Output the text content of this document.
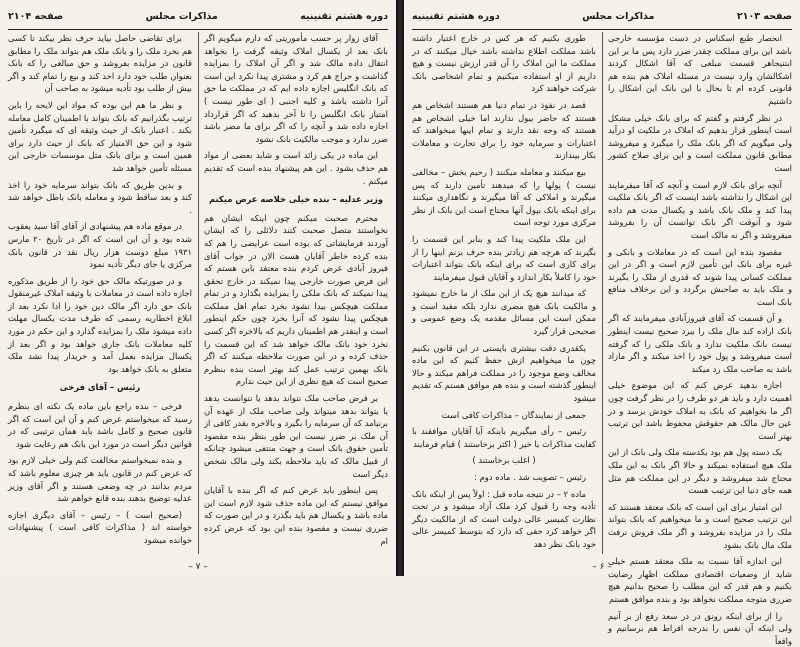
دوره هشتم تقنینیه
مذاکرات مجلس
صفحه ۲۱۰۴

برای تقاضی حاصل بیاید حرف نظر بیکند تا کسی هم بخرد ملک را و بانک ملک هم بتواند ملک را مطابق قانون در مزایده بفروشد و حق مبالغی را که بانک بعنوان طلب خود دارد اخذ کند و بیع را تمام کند و اگر بیش از طلب بود تأدیه میشود به صاحب آن

و نظر ما هم این بوده که مواد این لایحه را باین ترتیب بگذرانیم که بانک بتواند با اطمینان کامل معامله بکند . اعتبار بانک از حیث وثیقه ای که میگیرد تأمین شود و این حق الامتیاز که بانک از حیث دارد برای همین است و برای بانک مثل موسسات خارجی این مسئله تأمین خواهد شد

و بدین طریق که بانک بتواند سرمایه خود را اخذ کند و بعد ساقط شود و معامله بانک باطل خواهد شد .

در موقع ماده هم پیشنهادی از آقای آقا سید یعقوب شده بود و آن این است که اگر در تاریخ ۲۰ مارس ۱۹۳۱ مبلغ دوست هزار ریال نقد در قانون بانک مرکزی یا جای دیگر تأدیه نمود

و در صورتیکه مالک حق خود را از طریق مذکوره اجازه داده است در معاملات با وثیقه املاک غیرمنقول بانک حق دارد اگر مالک دین خود را ادا نکرد بعد از ابلاغ اخطاریه رسمی که طرف مدت یکسال مهلت داده میشود ملک را بمزایده گذارد و این حکم در مورد کلیه معاملات بانک جاری خواهد بود و اگر بعد از یکسال مزایده بعمل آمد و خریدار پیدا نشد ملک متعلق به بانک خواهد بود

رئیس – آقای فرخی

فرخی – بنده راجع باین ماده یک نکته ای بنظرم رسید که میخواستم عرض کنم و آن این است که اگر قانون صحیح و کامل باشد باید همان ترتیبی که در قوانین دیگر است در مورد این بانک هم رعایت شود

و بنده نمیخواستم مخالفت کنم ولی خیلی لازم بود که عرض کنم در قانون باید هر چیزی معلوم باشد که مردم بدانند در چه وضعی هستند و اگر آقای وزیر عدلیه توضیح بدهند بنده قانع خواهم شد

(صحیح است ) – رئیس – آقای دیگری اجازه خواسته اند ( مذاکرات کافی است ) پیشنهادات خوانده میشود

آقای زوار پر حسب مأموریتی که دارم میگویم اگر بانک بعد از یکسال املاک وثیقه گرفت را بخواهد انتقال داده مالک شد و اگر آن املاک را بمزایده گذاشت و حراج هم کرد و مشتری پیدا نکرد این است که بانک انگلیس اجازه داده ایم که در مملکت ما حق آنرا داشته باشد و کلیه اجنبی ( ای طور نیست ) امتیاز بانک انگلیس را تا آخر بدهید که اگر قرارداد اجازه داده شد و آنچه را که اگر برای ما مضر باشد ضرر ندارد و موجب مالکیت بانک نشود

این ماده در یکی زائد است و شاید بعضی از مواد هم حذف بشود . این هم پیشنهاد بنده است که تقدیم میکنم .

وزیر عدلیه – بنده خیلی خلاصه عرض میکنم

محترم صحبت میکنم چون اینکه ایشان هم نخواستند متصل صحبت کنند دلائلی را که ایشان آوردند فرمایشاتی که بوده است عرایضی را هم که بنده کرده خاطر آقایان هست الان در جواب آقای فیروز آبادی عرض کردم بنده معتقد باین هستم که این فرض صورت خارجی پیدا نمیکند در خارج تحقق پیدا نمیکند که بانک ملکی را بمزایده بگذارد و در تمام مملکت هیچکس بیدا نشود بخرد تمام اهل مملکت هیچکس پیدا نشود که آنرا بخرد چون حکم اینطور است و اینقدر هم اطمینان داریم که بالاخره اگر کسی نخرد خود بانک مالک خواهد شد که این قسمت را حذف کرده و در این صورت ملاحظه میکنند که اگر بانک بهمین ترتیب عمل کند بهتر است بنده بنظرم صحیح است که هیچ نظری از این حیث ندارم

بر فرض صاحب ملک نتواند بدهد یا نتوانست بدهد یا بتواند بدهد میتواند ولی صاحب ملک از عهده آن برنیامد که آن سرمایه را بگیرد و بالاخره بقدر کافی از آن ملک بر ضرر نیست این طور بنظر بنده مقصود تأمین حقوق بانک است و جهت منتفی میشود چنانکه از قبیل مالک که باید ملاحظه بکند ولی مالک شخص دیگر است

پس اینطور باید عرض کنم که اگر بنده با آقایان موافق نیستم که این ماده حذف شود لازم است این ماده باشد و یکسال هم باید بگذرد و در این صورت که ضرری نیست و مقصود بنده این بود که عرض کرده ام

– ۷ –
صفحه ۲۱۰۳
مذاکرات مجلس
دوره هشتم تقنینیه

طوری بکنیم که هر کس در خارج اعتبار داشته باشد مملکت اطلاع نداشته باشد خیال میکنند که در مملکت ما این املاک را آن قدر ارزش نیست و هیچ داریم از او استفاده میکنیم و تمام اشخاصی بانک شرکت خواهند کرد

قصد در نفوذ در تمام دنیا هم هستند اشخاص هم هستند که حاضر بیول ندارند اما خیلی اشخاص هم هستند که وجه نقد دارند و تمام اینها میخواهند که اعتبارات و سرمایه خود را برای تجارت و معاملات بکار بیندازند

بیع میکنند و معامله میکنند ( رحیم بخش – مخالفی نیست ) پولها را که میدهند تأمین دارند که پس میگیرند و املاکی که آقا میگیرند و نگاهداری میکنند برای اینکه بانک بپول آنها محتاج است این بانک از نظر مرکزی مورد توجه است

این ملک ملکیت پیدا کند و بنابر این قسمت را بگیرند که هرچه هم زیادتر بنده حرف بزنم اینها را از برای کاری است که برای اینکه بانک بتواند اعتبارات خود را کاملاً بکار اندازد و آقایان قبول میفرمایند

که میدانند هیچ یک از این ملک از ما خارج نمیشود و مالکیت بانک هیچ مضری ندارد بلکه مفید است و ممکن است این مسائل مقدمه یک وضع عمومی و صحیحی قرار گیرد

یکقدری دقت بیشتری بایستی در این قانون بکنیم چون ما میخواهیم ازش حفظ کنیم که این ماده مخالف وضع موجود را در مملکت فراهم میکند و حالا اینطور گذشته است و بنده هم موافق هستم که تقدیم میشود

جمعی از نمایندگان – مذاکرات کافی است

رئیس – رأی میگیریم باینکه آیا آقایان موافقند با کفایت مذاکرات یا خیر ( اکثر برخاستند ) قیام فرمایند

( اغلب برخاستند )

رئیس – تصویب شد . ماده دوم :

ماده ۲ – در نتیجه ماده قبل : اولاً پس از اینکه بانک تأدیه وجه را قبول کرد ملک آزاد میشود و در تحت نظارت کمیسر عالی دولت است که از مالکیت دیگر اگر خواهد کرد حقی که دارد که بتوسط کمیسر عالی خود بانک نظر دهد

انحصار طبع اسکناس در دست مؤسسه خارجی باشد این برای مملکت چقدر ضرر دارد پس ما بر این ابتنیجاهر قسمت مبلغی که آقا اشکال کردند اشکالشان وارد نیست در مسئله املاک هم بنده هم قانونی کرده ام تا بحال با این بانک این اشکال را داشتیم

در نظر گرفتم و گفتم که برای بانک خیلی مشکل است اینطور قرار بدهیم که املاک در ملکیت او درآید ولی میگویم که اگر بانک ملک را میگیرد و میفروشد مطابق قانون مملکت است و این برای صلاح کشور است

آنچه برای بانک لازم است و آنچه که آقا میفرمایند این اشکال را نداشته باشد اینست که اگر بانک ملکیت پیدا کند و ملک بانک باشد و یکسال مدت هم داده شود و آنوقت اگر بانک توانست آن را بفروشد میفروشد و اگر نه مالک است

مقصود بنده این است که در معاملات و بانکی و غیره برای بانک این تأمین لازم است و اگر در این مملکت کسانی پیدا شوند که قدری از ملک را بگیرند و ملک باید به صاحبش برگردد و این برخلاف منافع بانک است

و آن قسمت که آقای فیروزآبادی میفرمایند که اگر بانک اراده کند مال ملک را ببرد صحیح نیست اینطور نیست بانک ملکیت ندارد و بانک ملکی را که گرفته است میفروشد و پول خود را اخذ میکند و اگر مازاد باشد به صاحب ملک رد میکند

اجازه بدهید عرض کنم که این موضوع خیلی اهمیت دارد و باید هر دو طرف را در نظر گرفت چون اگر ما بخواهیم که بانک به املاک خودش برسد و در عین حال مالک هم حقوقش محفوظ باشد این ترتیب بهتر است

یک دسته پول هم بود یکدسته ملک ولی بانک از این ملک هیچ استفاده نمیکند و حالا اگر بانک به این ملک محتاج شد میفروشد و دیگر در این مملکت هم مثل همه جای دنیا این ترتیب هست

این امتیاز برای این است که بانک معتقد هستند که این ترتیب صحیح است و ما میخواهیم که بانک بتواند ملک را در مزایده بفروشد و اگر ملک فروش نرفت ملک مال بانک بشود

این اندازه آقا نسبت به ملک معتقد هستم خیلی شاید از وضعیات اقتصادی مملکت اظهار رضایت بکنیم و هم قدر که این مطلب را صحیح بدانیم هیچ ضرری متوجه مملکت نخواهد بود و بنده موافق هستم

را از برای اینکه رونق در در سعد رفع از بر آنیم ولی اینکه آن نفس را بدرجه افراط هم برسانیم و واقعاً

– ۶ –
